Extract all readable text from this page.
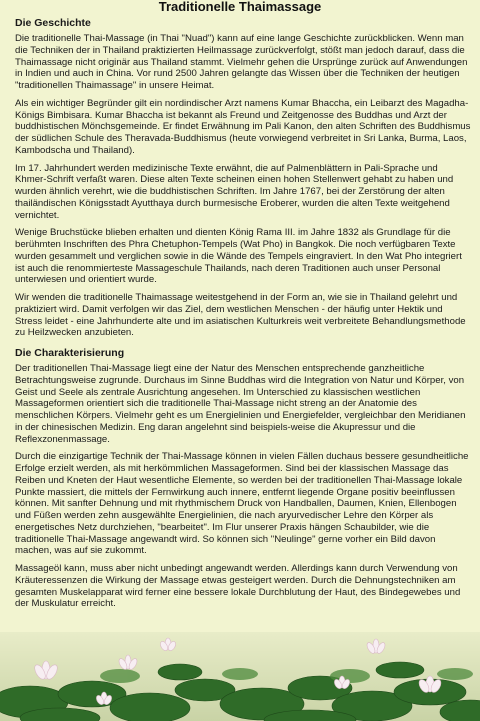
Traditionelle Thaimassage
Die Geschichte

Die traditionelle Thai-Massage (in Thai "Nuad") kann auf eine lange Geschichte zurückblicken. Wenn man die Techniken der in Thailand praktizierten Heilmassage zurückverfolgt, stößt man jedoch darauf, dass die Thaimassage nicht originär aus Thailand stammt. Vielmehr gehen die Ursprünge zurück auf Anwendungen in Indien und auch in China. Vor rund 2500 Jahren gelangte das Wissen über die Techniken der heutigen "traditionellen Thaimassage" in unsere Heimat.

Als ein wichtiger Begründer gilt ein nordindischer Arzt namens Kumar Bhaccha, ein Leibarzt des Magadha-Königs Bimbisara. Kumar Bhaccha ist bekannt als Freund und Zeitgenosse des Buddhas und Arzt der buddhistischen Mönchsgemeinde. Er findet Erwähnung im Pali Kanon, den alten Schriften des Buddhismus der südlichen Schule des Theravada-Buddhismus (heute vorwiegend verbreitet in Sri Lanka, Burma, Laos, Kambodscha und Thailand).

Im 17. Jahrhundert werden medizinische Texte erwähnt, die auf Palmenblättern in Pali-Sprache und Khmer-Schrift verfaßt waren. Diese alten Texte scheinen einen hohen Stellenwert gehabt zu haben und wurden ähnlich verehrt, wie die buddhistischen Schriften. Im Jahre 1767, bei der Zerstörung der alten thailändischen Königsstadt Ayutthaya durch burmesische Eroberer, wurden die alten Texte weitgehend vernichtet.

Wenige Bruchstücke blieben erhalten und dienten König Rama III. im Jahre 1832 als Grundlage für die berühmten Inschriften des Phra Chetuphon-Tempels (Wat Pho) in Bangkok. Die noch verfügbaren Texte wurden gesammelt und verglichen sowie in die Wände des Tempels eingraviert. In den Wat Pho integriert ist auch die renommierteste Massageschule Thailands, nach deren Traditionen auch unser Personal unterwiesen und orientiert wurde.

Wir wenden die traditionelle Thaimassage weitestgehend in der Form an, wie sie in Thailand gelehrt und praktiziert wird. Damit verfolgen wir das Ziel, dem westlichen Menschen - der häufig unter Hektik und Stress leidet - eine Jahrhunderte alte und im asiatischen Kulturkreis weit verbreitete Behandlungsmethode zu Heilzwecken anzubieten.

Die Charakterisierung

Der traditionellen Thai-Massage liegt eine der Natur des Menschen entsprechende ganzheitliche Betrachtungsweise zugrunde. Durchaus im Sinne Buddhas wird die Integration von Natur und Körper, von Geist und Seele als zentrale Ausrichtung angesehen. Im Unterschied zu klassischen westlichen Massageformen orientiert sich die traditionelle Thai-Massage nicht streng an der Anatomie des menschlichen Körpers. Vielmehr geht es um Energielinien und Energiefelder, vergleichbar den Meridianen in der chinesischen Medizin. Eng daran angelehnt sind beispiels-weise die Akupressur und die Reflexzonenmassage.

Durch die einzigartige Technik der Thai-Massage können in vielen Fällen duchaus bessere gesundheitliche Erfolge erzielt werden, als mit herkömmlichen Massageformen. Sind bei der klassischen Massage das Reiben und Kneten der Haut wesentliche Elemente, so werden bei der traditionellen Thai-Massage lokale Punkte massiert, die mittels der Fernwirkung auch innere, entfernt liegende Organe positiv beeinflussen können. Mit sanfter Dehnung und mit rhythmischem Druck von Handballen, Daumen, Knien, Ellenbogen und Füßen werden zehn ausgewählte Energielinien, die nach aryurvedischer Lehre den Körper als energetisches Netz durchziehen, "bearbeitet". Im Flur unserer Praxis hängen Schaubilder, wie die traditionelle Thai-Massage angewandt wird. So können sich "Neulinge" gerne vorher ein Bild davon machen, was auf sie zukommt.

Massageöl kann, muss aber nicht unbedingt angewandt werden. Allerdings kann durch Verwendung von Kräuteressenzen die Wirkung der Massage etwas gesteigert werden. Durch die Dehnungstechniken am gesamten Muskelapparat wird ferner eine bessere lokale Durchblutung der Haut, des Bindegewebes und der Muskulatur erreicht.
